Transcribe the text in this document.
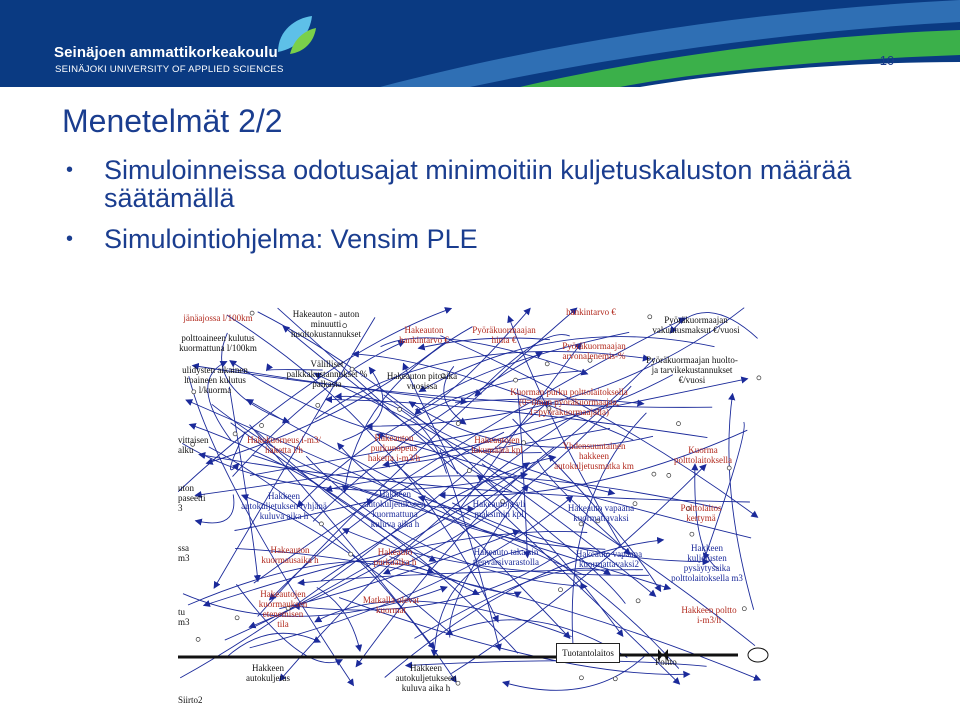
Seinäjoen ammattikorkeakoulu
SEINÄJOKI UNIVERSITY OF APPLIED SCIENCES
10
Menetelmät 2/2
• Simuloinneissa odotusajat minimoitiin kuljetuskaluston määrää säätämällä
• Simulointiohjelma: Vensim PLE
jänäajossa l/100km	Hakeauton - auton
minuutti
huoltokustannukset	Hakeauton
hankintarvo €
Pyöräkuormaajan
hinta €
hankintarvo €
Pyöräkuormaajan
vakuutusmaksut €/vuosi
polttoaineen kulutus
kuormattuna l/100km	Pyöräkuormaajan
arvonalenemis-%	Pyöräkuormaajan huolto-
ja tarvikekustannukset
€/vuosi
Välilliset
palkkakustannukset %
palkasta
Hakeauton pitoaika
vuosissa
ulidysten aikainen
ltoaineen kulutus
l/kuorma	Kuorman purku polttolaitoksella
(0=ilman pyöräkuormaajaa,
1=pyöräkuormaajalla)
Hakekuorneus i-m3/
haketta l/h
Hakeauton
purkunopeus
haketta i-m3/h
Hakeautojen
lukumäärä kpl	Yhdensuuntainen
hakkeen
autokuljetusmatka km
Kuorma
polttolaitoksella
vittaisen
alku
uton
paseetti
3
Hakkeen
autokuljetuksen tyhjänä
kuluva aika h
Hakkeen
autokuljetukseen
kuormattuna
kuluva aika h
Hakeautoja yli
maksimin kpl
Hakeauto vapaana
kuormattavaksi
Polttolaitos
kertymä
ssa
m3
Hakeauton
kuormausaika h
Hakeauto
purkuaika h
Hakeauto takaisin
tienvarsivarastolla
Hakeauto vapaana
kuormattavaksi2
Hakkeen
kuljetusten
pysäytysaika
polttolaitoksella m3
tu
m3
Hakeautojen
kuormauksen
etenemisen
tila
Matkalla olevat
kuormat	Hakkeen poltto
i-m3/h
Hakkeen
autokuljetus
Hakkeen
autokuljetukseen
kuluva aika h
Poltto
Siirto2
Tuotantolaitos
